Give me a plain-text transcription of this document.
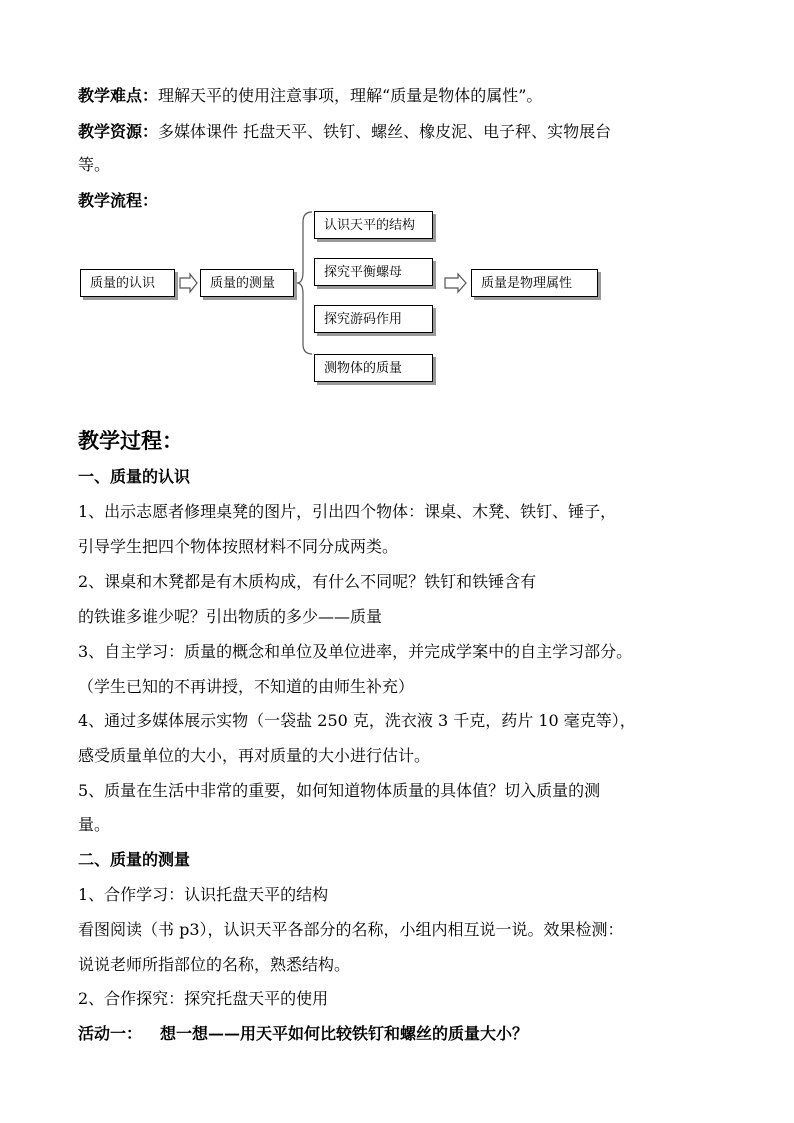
教学难点：理解天平的使用注意事项，理解“质量是物体的属性”。
教学资源：多媒体课件 托盘天平、铁钉、螺丝、橡皮泥、电子秤、实物展台
等。
教学流程：
质量的认识	质量的测量
认识天平的结构
探究平衡螺母
探究游码作用
测物体的质量
质量是物理属性
教学过程：
一、质量的认识
1、出示志愿者修理桌凳的图片，引出四个物体：课桌、木凳、铁钉、锤子，
引导学生把四个物体按照材料不同分成两类。
2、课桌和木凳都是有木质构成，有什么不同呢？铁钉和铁锤含有
的铁谁多谁少呢？引出物质的多少——质量
3、自主学习：质量的概念和单位及单位进率，并完成学案中的自主学习部分。
（学生已知的不再讲授，不知道的由师生补充）
4、通过多媒体展示实物（一袋盐 250 克，洗衣液 3 千克，药片 10 毫克等），
感受质量单位的大小，再对质量的大小进行估计。
5、质量在生活中非常的重要，如何知道物体质量的具体值？切入质量的测
量。
二、质量的测量
1、合作学习：认识托盘天平的结构
看图阅读（书 p3），认识天平各部分的名称，小组内相互说一说。效果检测：
说说老师所指部位的名称，熟悉结构。
2、合作探究：探究托盘天平的使用
活动一： 想一想——用天平如何比较铁钉和螺丝的质量大小？
